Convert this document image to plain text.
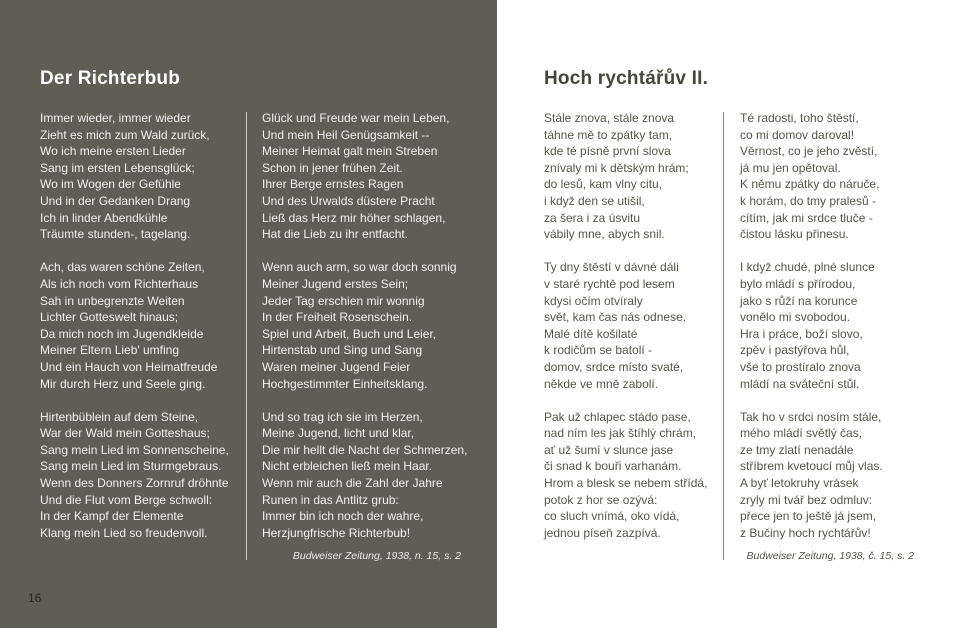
Der Richterbub
Immer wieder, immer wieder
Zieht es mich zum Wald zurück,
Wo ich meine ersten Lieder
Sang im ersten Lebensglück;
Wo im Wogen der Gefühle
Und in der Gedanken Drang
Ich in linder Abendkühle
Träumte stunden-, tagelang.
Ach, das waren schöne Zeiten,
Als ich noch vom Richterhaus
Sah in unbegrenzte Weiten
Lichter Gotteswelt hinaus;
Da mich noch im Jugendkleide
Meiner Eltern Lieb' umfing
Und ein Hauch von Heimatfreude
Mir durch Herz und Seele ging.
Hirtenbüblein auf dem Steine,
War der Wald mein Gotteshaus;
Sang mein Lied im Sonnenscheine,
Sang mein Lied im Sturmgebraus.
Wenn des Donners Zornruf dröhnte
Und die Flut vom Berge schwoll:
In der Kampf der Elemente
Klang mein Lied so freudenvoll.
Glück und Freude war mein Leben,
Und mein Heil Genügsamkeit --
Meiner Heimat galt mein Streben
Schon in jener frühen Zeit.
Ihrer Berge ernstes Ragen
Und des Urwalds düstere Pracht
Ließ das Herz mir höher schlagen,
Hat die Lieb zu ihr entfacht.
Wenn auch arm, so war doch sonnig
Meiner Jugend erstes Sein;
Jeder Tag erschien mir wonnig
In der Freiheit Rosenschein.
Spiel und Arbeit, Buch und Leier,
Hirtenstab und Sing und Sang
Waren meiner Jugend Feier
Hochgestimmter Einheitsklang.
Und so trag ich sie im Herzen,
Meine Jugend, licht und klar,
Die mir hellt die Nacht der Schmerzen,
Nicht erbleichen ließ mein Haar.
Wenn mir auch die Zahl der Jahre
Runen in das Antlitz grub:
Immer bin ich noch der wahre,
Herzjungfrische Richterbub!
Budweiser Zeitung, 1938, n. 15, s. 2
16
Hoch rychtářův II.
Stále znova, stále znova
táhne mě to zpátky tam,
kde té písně první slova
znívaly mi k dětským hrám;
do lesů, kam vlny citu,
i když den se utišil,
za šera i za úsvitu
vábily mne, abych snil.
Ty dny štěstí v dávné dáli
v staré rychtě pod lesem
kdysi očím otvíraly
svět, kam čas nás odnese.
Malé dítě košilaté
k rodičům se batolí -
domov, srdce místo svaté,
někde ve mně zabolí.
Pak už chlapec stádo pase,
nad ním les jak štíhlý chrám,
ať už šumí v slunce jase
či snad k bouři varhanám.
Hrom a blesk se nebem střídá,
potok z hor se ozývá:
co sluch vnímá, oko vídá,
jednou píseň zazpívá.
Té radosti, toho štěstí,
co mi domov daroval!
Věrnost, co je jeho zvěstí,
já mu jen opětoval.
K němu zpátky do náruče,
k horám, do tmy pralesů -
cítím, jak mi srdce tluče -
čistou lásku přinesu.
I když chudé, plné slunce
bylo mládí s přírodou,
jako s růží na koruncе
vonělo mi svobodou.
Hra i práce, boží slovo,
zpěv i pastýřova hůl,
vše to prostíralo znova
mládí na sváteční stůl.
Tak ho v srdci nosím stále,
mého mládí světlý čas,
ze tmy zlatí nenadále
stříbrem kvetoucí můj vlas.
A byť letokruhy vrásek
zryly mi tvář bez odmluv:
přece jen to ještě já jsem,
z Bučiny hoch rychtářův!
Budweiser Zeitung, 1938, č. 15, s. 2
